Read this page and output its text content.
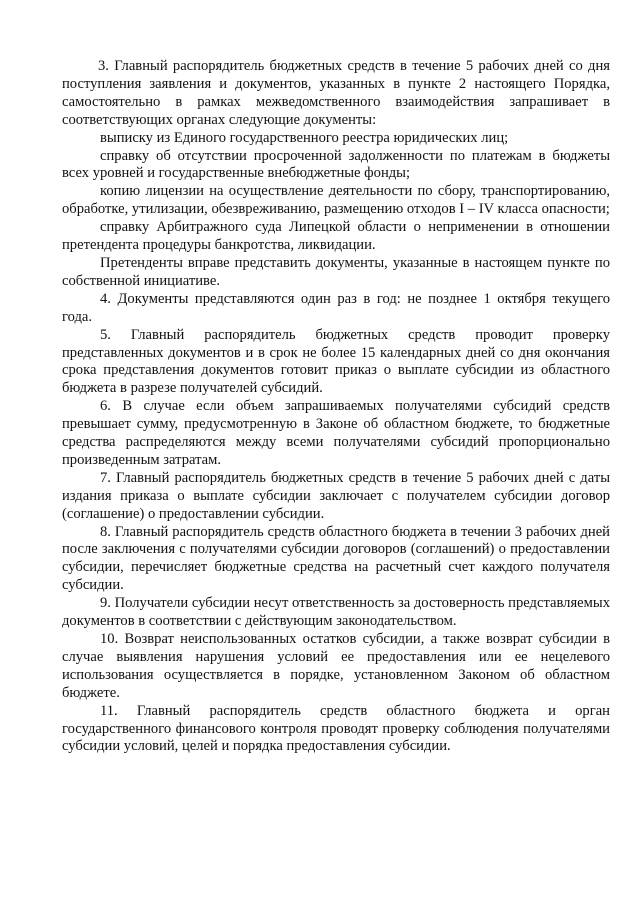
3. Главный распорядитель бюджетных средств в течение 5 рабочих дней со дня поступления заявления и документов, указанных в пункте 2 настоящего Порядка, самостоятельно в рамках межведомственного взаимодействия запрашивает в соответствующих органах следующие документы:

выписку из Единого государственного реестра юридических лиц;

справку об отсутствии просроченной задолженности по платежам в бюджеты всех уровней и государственные внебюджетные фонды;

копию лицензии на осуществление деятельности по сбору, транспортированию, обработке, утилизации, обезвреживанию, размещению отходов I – IV класса опасности;

справку Арбитражного суда Липецкой области о неприменении в отношении претендента процедуры банкротства, ликвидации.

Претенденты вправе представить документы, указанные в настоящем пункте по собственной инициативе.

4. Документы представляются один раз в год: не позднее 1 октября текущего года.

5. Главный распорядитель бюджетных средств проводит проверку представленных документов и в срок не более 15 календарных дней со дня окончания срока представления документов готовит приказ о выплате субсидии из областного бюджета в разрезе получателей субсидий.

6. В случае если объем запрашиваемых получателями субсидий средств превышает сумму, предусмотренную в Законе об областном бюджете, то бюджетные средства распределяются между всеми получателями субсидий пропорционально произведенным затратам.

7. Главный распорядитель бюджетных средств в течение 5 рабочих дней с даты издания приказа о выплате субсидии заключает с получателем субсидии договор (соглашение) о предоставлении субсидии.

8. Главный распорядитель средств областного бюджета в течении 3 рабочих дней после заключения с получателями субсидии договоров (соглашений) о предоставлении субсидии, перечисляет бюджетные средства на расчетный счет каждого получателя субсидии.

9. Получатели субсидии несут ответственность за достоверность представляемых документов в соответствии с действующим законодательством.

10. Возврат неиспользованных остатков субсидии, а также возврат субсидии в случае выявления нарушения условий ее предоставления или ее нецелевого использования осуществляется в порядке, установленном Законом об областном бюджете.

11. Главный распорядитель средств областного бюджета и орган государственного финансового контроля проводят проверку соблюдения получателями субсидии условий, целей и порядка предоставления субсидии.
